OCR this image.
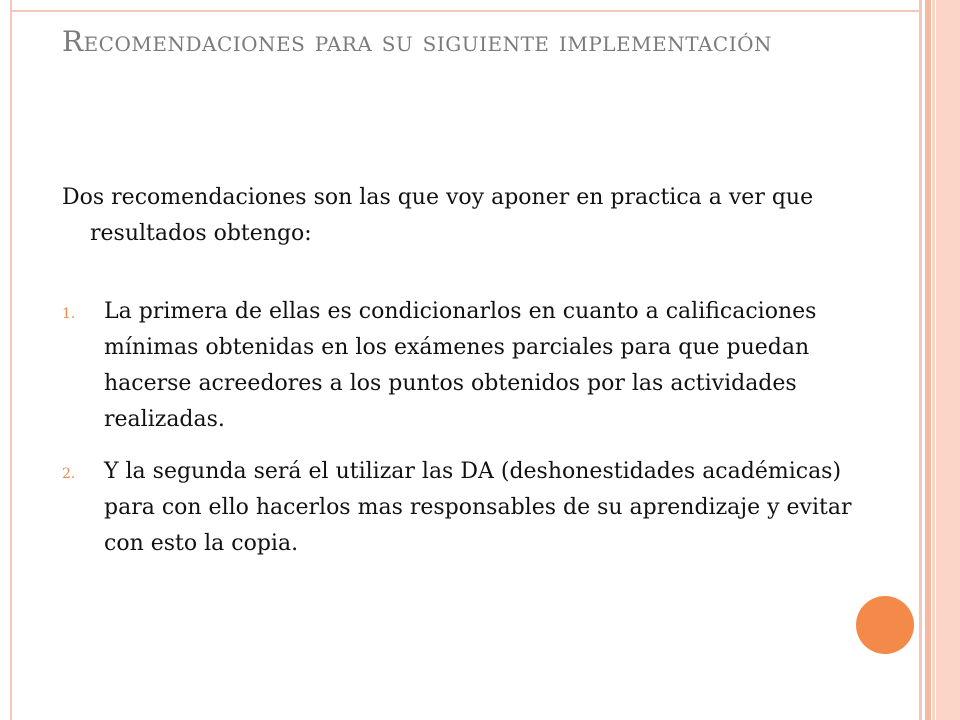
Recomendaciones para su siguiente implementación

Dos recomendaciones son las que voy aponer en practica a ver que resultados obtengo:

1. La primera de ellas es condicionarlos en cuanto a calificaciones mínimas obtenidas en los exámenes parciales para que puedan hacerse acreedores a los puntos obtenidos por las actividades realizadas.
2. Y la segunda será el utilizar las DA (deshonestidades académicas) para con ello hacerlos mas responsables de su aprendizaje y evitar con esto la copia.
